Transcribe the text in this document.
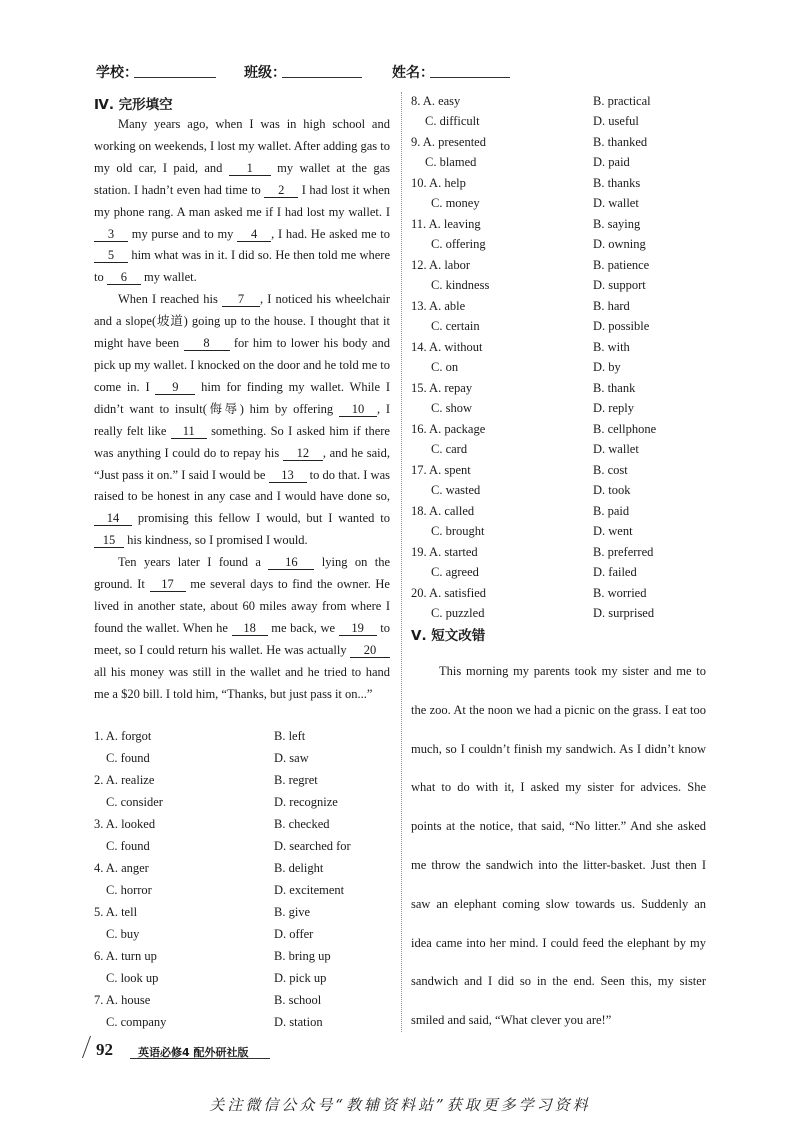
学校：	班级：	姓名：
Ⅳ. 完形填空

Many years ago, when I was in high school and working on weekends, I lost my wallet. After adding gas to my old car, I paid, and 1 my wallet at the gas station. I hadn’t even had time to 2 I had lost it when my phone rang. A man asked me if I had lost my wallet. I 3 my purse and to my 4 , I had. He asked me to 5 him what was in it. I did so. He then told me where to 6 my wallet.

When I reached his 7 , I noticed his wheelchair and a slope(坡道) going up to the house. I thought that it might have been 8 for him to lower his body and pick up my wallet. I knocked on the door and he told me to come in. I 9 him for finding my wallet. While I didn’t want to insult(侮辱) him by offering 10 , I really felt like 11 something. So I asked him if there was anything I could do to repay his 12 , and he said, “Just pass it on.” I said I would be 13 to do that. I was raised to be honest in any case and I would have done so, 14 promising this fellow I would, but I wanted to 15 his kindness, so I promised I would.

Ten years later I found a 16 lying on the ground. It 17 me several days to find the owner. He lived in another state, about 60 miles away from where I found the wallet. When he 18 me back, we 19 to meet, so I could return his wallet. He was actually 20 all his money was still in the wallet and he tried to hand me a $20 bill. I told him, “Thanks, but just pass it on...”

1. A. forgot	B. left
C. found	D. saw
2. A. realize	B. regret
C. consider	D. recognize
3. A. looked	B. checked
C. found	D. searched for
4. A. anger	B. delight
C. horror	D. excitement
5. A. tell	B. give
C. buy	D. offer
6. A. turn up	B. bring up
C. look up	D. pick up
7. A. house	B. school
C. company	D. station
8. A. easy	B. practical
C. difficult	D. useful
9. A. presented	B. thanked
C. blamed	D. paid
10. A. help	B. thanks
C. money	D. wallet
11. A. leaving	B. saying
C. offering	D. owning
12. A. labor	B. patience
C. kindness	D. support
13. A. able	B. hard
C. certain	D. possible
14. A. without	B. with
C. on	D. by
15. A. repay	B. thank
C. show	D. reply
16. A. package	B. cellphone
C. card	D. wallet
17. A. spent	B. cost
C. wasted	D. took
18. A. called	B. paid
C. brought	D. went
19. A. started	B. preferred
C. agreed	D. failed
20. A. satisfied	B. worried
C. puzzled	D. surprised
Ⅴ. 短文改错

This morning my parents took my sister and me to the zoo. At the noon we had a picnic on the grass. I eat too much, so I couldn’t finish my sandwich. As I didn’t know what to do with it, I asked my sister for advices. She points at the notice, that said, “No litter.” And she asked me throw the sandwich into the litter-basket. Just then I saw an elephant coming slow towards us. Suddenly an idea came into her mind. I could feed the elephant by my sandwich and I did so in the end. Seen this, my sister smiled and said, “What clever you are!”

92 英语必修4 配外研社版
关注微信公众号“教辅资料站”获取更多学习资料
